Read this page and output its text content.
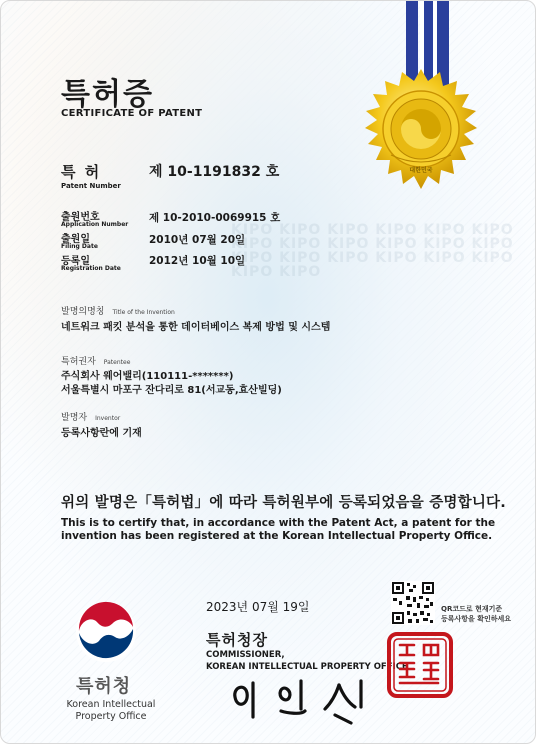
KIPO KIPO KIPO KIPO KIPO KIPO KIPO KIPO KIPO KIPO KIPO KIPO KIPO KIPO KIPO KIPO KIPO KIPO KIPO KIPO
대한민국
특허증
CERTIFICATE OF PATENT
특 허
Patent Number
제 10-1191832 호
출원번호
Application Number
제 10-2010-0069915 호
출원일
Filing Date
2010년 07월 20일
등록일
Registration Date
2012년 10월 10일
발명의명칭 Title of the Invention
네트워크 패킷 분석을 통한 데이터베이스 복제 방법 및 시스템
특허권자 Patentee
주식회사 웨어밸리(110111-*******)
서울특별시 마포구 잔다리로 81(서교동,효산빌딩)
발명자 Inventor
등록사항란에 기재
위의 발명은「특허법」에 따라 특허원부에 등록되었음을 증명합니다.
This is to certify that, in accordance with the Patent Act, a patent for the invention has been registered at the Korean Intellectual Property Office.
특허청
Korean Intellectual
Property Office
2023년 07월 19일
특허청장
COMMISSIONER,
KOREAN INTELLECTUAL PROPERTY OFFICE
QR코드로 현재기준
등록사항을 확인하세요
